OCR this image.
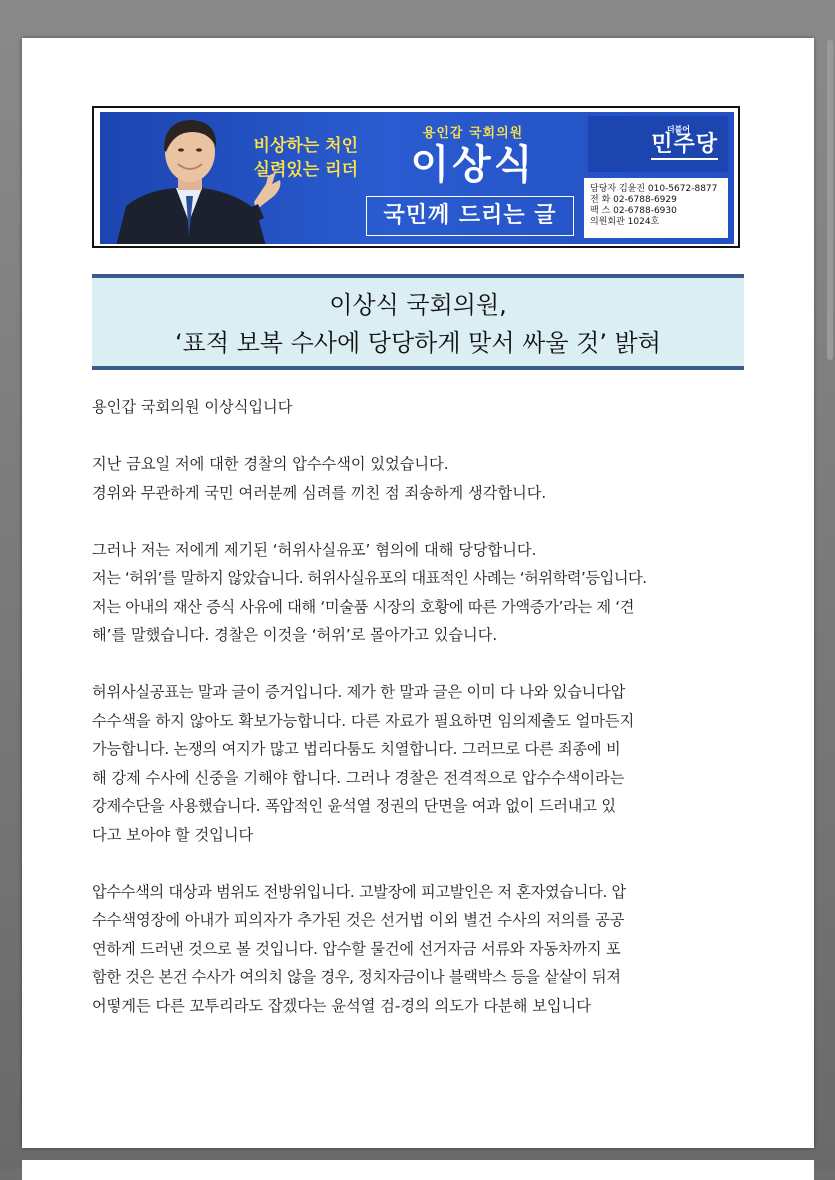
비상하는 처인
실력있는 리더
용인갑 국회의원
이상식
국민께 드리는 글
더불어
민주당
담당자 김윤진 010-5672-8877
전 화 02-6788-6929
팩 스 02-6788-6930
의원회관 1024호
이상식 국회의원,
‘표적 보복 수사에 당당하게 맞서 싸울 것’ 밝혀

용인갑 국회의원 이상식입니다

지난 금요일 저에 대한 경찰의 압수수색이 있었습니다.
경위와 무관하게 국민 여러분께 심려를 끼친 점 죄송하게 생각합니다.

그러나 저는 저에게 제기된 ‘허위사실유포’ 혐의에 대해 당당합니다.
저는 ‘허위’를 말하지 않았습니다. 허위사실유포의 대표적인 사례는 ‘허위학력’등입니다.
저는 아내의 재산 증식 사유에 대해 ‘미술품 시장의 호황에 따른 가액증가’라는 제 ‘견
해’를 말했습니다. 경찰은 이것을 ‘허위’로 몰아가고 있습니다.

허위사실공표는 말과 글이 증거입니다. 제가 한 말과 글은 이미 다 나와 있습니다압
수수색을 하지 않아도 확보가능합니다. 다른 자료가 필요하면 임의제출도 얼마든지
가능합니다. 논쟁의 여지가 많고 법리다툼도 치열합니다. 그러므로 다른 죄종에 비
해 강제 수사에 신중을 기해야 합니다. 그러나 경찰은 전격적으로 압수수색이라는
강제수단을 사용했습니다. 폭압적인 윤석열 정권의 단면을 여과 없이 드러내고 있
다고 보아야 할 것입니다

압수수색의 대상과 범위도 전방위입니다. 고발장에 피고발인은 저 혼자였습니다. 압
수수색영장에 아내가 피의자가 추가된 것은 선거법 이외 별건 수사의 저의를 공공
연하게 드러낸 것으로 볼 것입니다. 압수할 물건에 선거자금 서류와 자동차까지 포
함한 것은 본건 수사가 여의치 않을 경우, 정치자금이나 블랙박스 등을 샅샅이 뒤져
어떻게든 다른 꼬투리라도 잡겠다는 윤석열 검-경의 의도가 다분해 보입니다
